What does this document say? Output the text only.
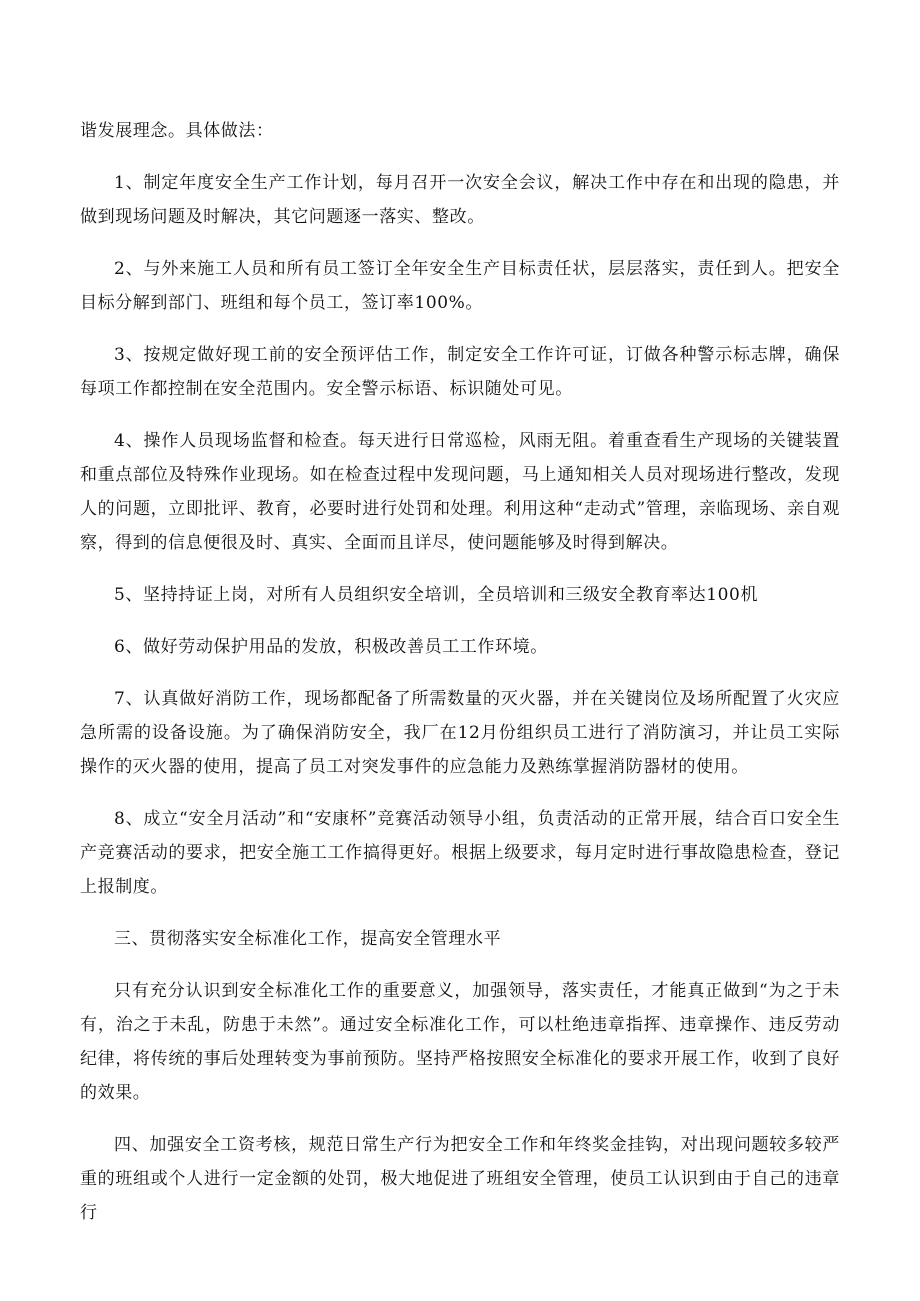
谐发展理念。具体做法：

1、制定年度安全生产工作计划，每月召开一次安全会议，解决工作中存在和出现的隐患，并做到现场问题及时解决，其它问题逐一落实、整改。

2、与外来施工人员和所有员工签订全年安全生产目标责任状，层层落实，责任到人。把安全目标分解到部门、班组和每个员工，签订率100%。

3、按规定做好现工前的安全预评估工作，制定安全工作许可证，订做各种警示标志牌，确保每项工作都控制在安全范围内。安全警示标语、标识随处可见。

4、操作人员现场监督和检查。每天进行日常巡检，风雨无阻。着重查看生产现场的关键装置和重点部位及特殊作业现场。如在检查过程中发现问题，马上通知相关人员对现场进行整改，发现人的问题，立即批评、教育，必要时进行处罚和处理。利用这种“走动式”管理，亲临现场、亲自观察，得到的信息便很及时、真实、全面而且详尽，使问题能够及时得到解决。

5、坚持持证上岗，对所有人员组织安全培训，全员培训和三级安全教育率达100机

6、做好劳动保护用品的发放，积极改善员工工作环境。

7、认真做好消防工作，现场都配备了所需数量的灭火器，并在关键岗位及场所配置了火灾应急所需的设备设施。为了确保消防安全，我厂在12月份组织员工进行了消防演习，并让员工实际操作的灭火器的使用，提高了员工对突发事件的应急能力及熟练掌握消防器材的使用。

8、成立“安全月活动”和“安康杯”竞赛活动领导小组，负责活动的正常开展，结合百口安全生产竞赛活动的要求，把安全施工工作搞得更好。根据上级要求，每月定时进行事故隐患检查，登记上报制度。

三、贯彻落实安全标准化工作，提高安全管理水平

只有充分认识到安全标准化工作的重要意义，加强领导，落实责任，才能真正做到“为之于未有，治之于未乱，防患于未然”。通过安全标准化工作，可以杜绝违章指挥、违章操作、违反劳动纪律，将传统的事后处理转变为事前预防。坚持严格按照安全标准化的要求开展工作，收到了良好的效果。

四、加强安全工资考核，规范日常生产行为把安全工作和年终奖金挂钩，对出现问题较多较严重的班组或个人进行一定金额的处罚，极大地促进了班组安全管理，使员工认识到由于自己的违章行
